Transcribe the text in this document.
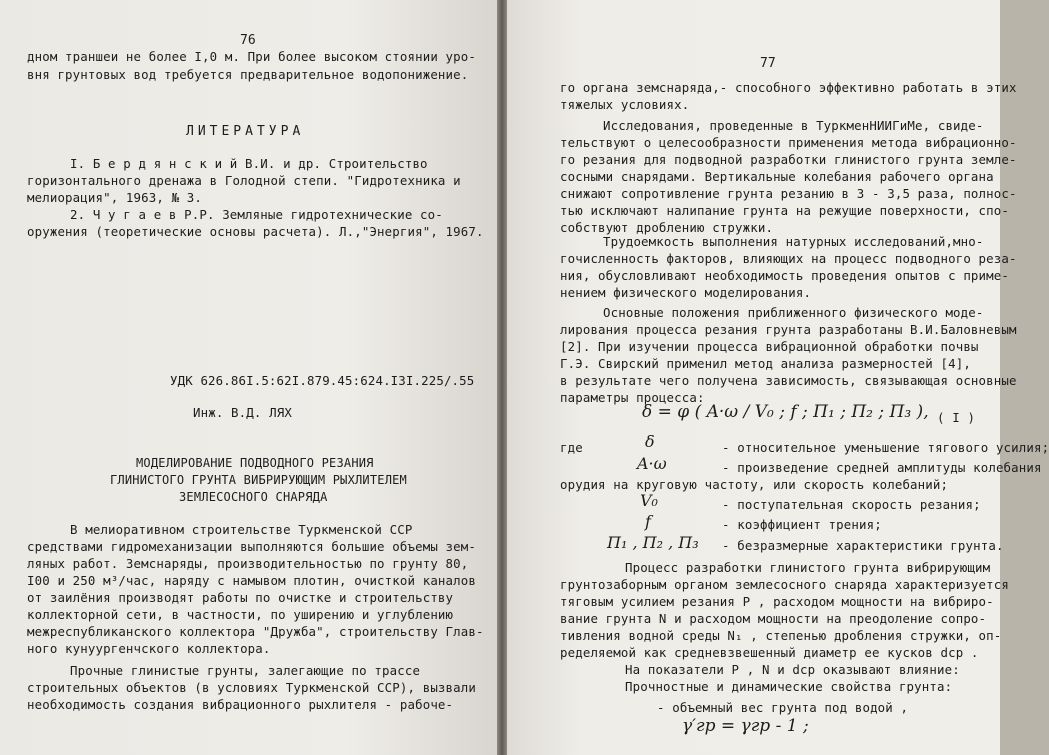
76
дном траншеи не более I,0 м. При более высоком стоянии уро-
вня грунтовых вод требуется предварительное водопонижение.
ЛИТЕРАТУРА
I. Б е р д я н с к и й В.И. и др. Строительство
горизонтального дренажа в Голодной степи. "Гидротехника и
мелиорация", 1963, № 3.
2. Ч у г а е в Р.Р. Земляные гидротехнические со-
оружения (теоретические основы расчета). Л.,"Энергия", 1967.
УДК 626.86I.5:62I.879.45:624.I3I.225/.55
Инж. В.Д. ЛЯХ
МОДЕЛИРОВАНИЕ ПОДВОДНОГО РЕЗАНИЯ
ГЛИНИСТОГО ГРУНТА ВИБРИРУЮЩИМ РЫХЛИТЕЛЕМ
ЗЕМЛЕСОСНОГО СНАРЯДА
В мелиоративном строительстве Туркменской ССР
средствами гидромеханизации выполняются большие объемы зем-
ляных работ. Земснаряды, производительностью по грунту 80,
I00 и 250 м³/час, наряду с намывом плотин, очисткой каналов
от заилёния производят работы по очистке и строительству
коллекторной сети, в частности, по уширению и углублению
межреспубликанского коллектора "Дружба", строительству Глав-
ного кунуургенчского коллектора.
Прочные глинистые грунты, залегающие по трассе
строительных объектов (в условиях Туркменской ССР), вызвали
необходимость создания вибрационного рыхлителя - рабоче-
77
го органа земснаряда,- способного эффективно работать в этих
тяжелых условиях.
Исследования, проведенные в ТуркменНИИГиМе, свиде-
тельствуют о целесообразности применения метода вибрационно-
го резания для подводной разработки глинистого грунта земле-
сосными снарядами. Вертикальные колебания рабочего органа
снижают сопротивление грунта резанию в 3 - 3,5 раза, полнос-
тью исключают налипание грунта на режущие поверхности, спо-
собствуют дроблению стружки.
Трудоемкость выполнения натурных исследований,мно-
гочисленность факторов, влияющих на процесс подводного реза-
ния, обусловливают необходимость проведения опытов с приме-
нением физического моделирования.
Основные положения приближенного физического моде-
лирования процесса резания грунта разработаны В.И.Баловневым
[2]. При изучении процесса вибрационной обработки почвы
Г.Э. Свирский применил метод анализа размерностей [4],
в результате чего получена зависимость, связывающая основные
параметры процесса:
δ = φ ( A·ω / V₀ ; f ; Π₁ ; Π₂ ; Π₃ ), ( I )
где	δ	- относительное уменьшение тягового усилия;
A·ω	- произведение средней амплитуды колебания
орудия на круговую частоту, или скорость колебаний;
V₀	- поступательная скорость резания;
f	- коэффициент трения;
Π₁ , Π₂ , Π₃ - безразмерные характеристики грунта.
Процесс разработки глинистого грунта вибрирующим
грунтозаборным органом землесосного снаряда характеризуется
тяговым усилием резания P , расходом мощности на вибриро-
вание грунта N и расходом мощности на преодоление сопро-
тивления водной среды N₁ , степенью дробления стружки, оп-
ределяемой как средневзвешенный диаметр ее кусков dср .
На показатели P , N и dср оказывают влияние:
Прочностные и динамические свойства грунта:
- объемный вес грунта под водой ,
γ′гр = γгр - 1 ;
